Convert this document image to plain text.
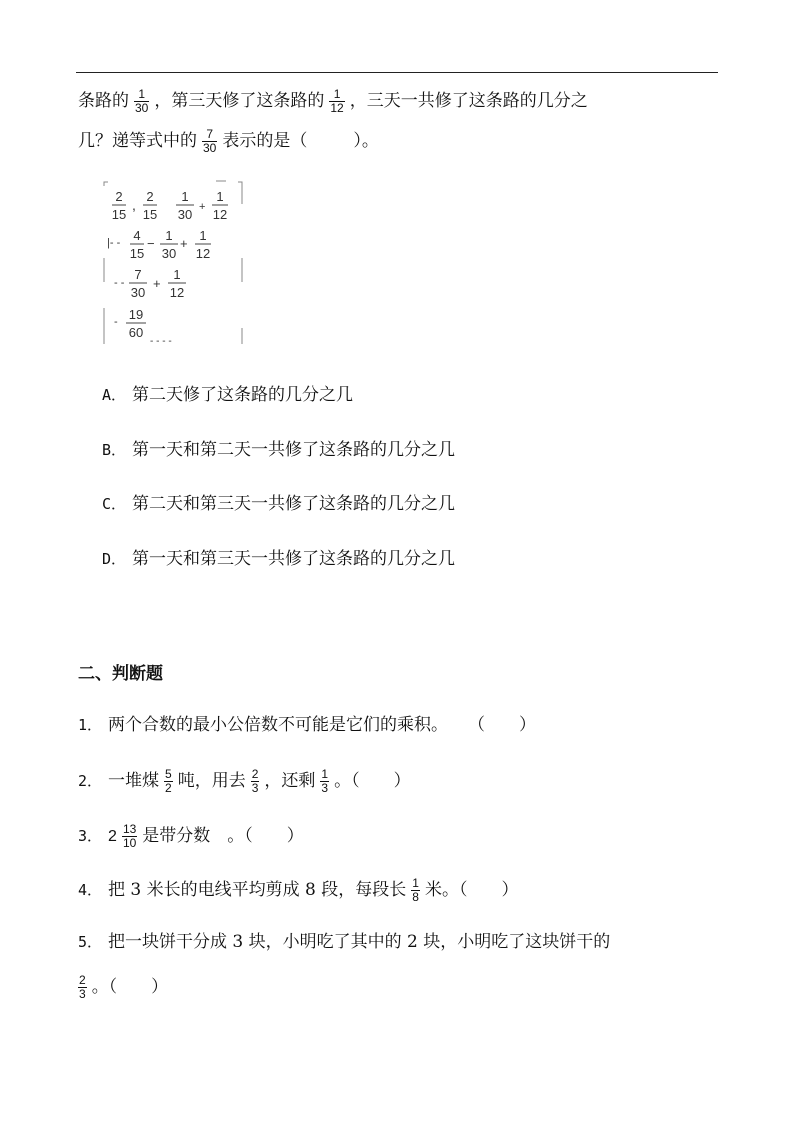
条路的 $\frac{1}{30}$ ，第三天修了这条路的 $\frac{1}{12}$ ，三天一共修了这条路的几分之
几？递等式中的 $\frac{7}{30}$ 表示的是（	）。
2
15
,
2
15
1
30 +
1
12
|- - 4
15
−
1
30
+
1
12
- -
7
30
+
1
12
- 19
60
- - - -
A． 第二天修了这条路的几分之几
B． 第一天和第二天一共修了这条路的几分之几
C． 第二天和第三天一共修了这条路的几分之几
D． 第一天和第三天一共修了这条路的几分之几
二、判断题
1． 两个合数的最小公倍数不可能是它们的乘积。 （　　）
2． 一堆煤 $\frac{5}{2}$ 吨，用去 $\frac{2}{3}$ ，还剩 $\frac{1}{3}$ 。（　　）
3． $2 \frac{13}{10}$ 是带分数　。（　　）
4． 把 3 米长的电线平均剪成 8 段，每段长 $\frac{1}{8}$ 米。（　　）
5． 把一块饼干分成 3 块，小明吃了其中的 2 块，小明吃了这块饼干的
$\frac{2}{3}$ 。（　　）
